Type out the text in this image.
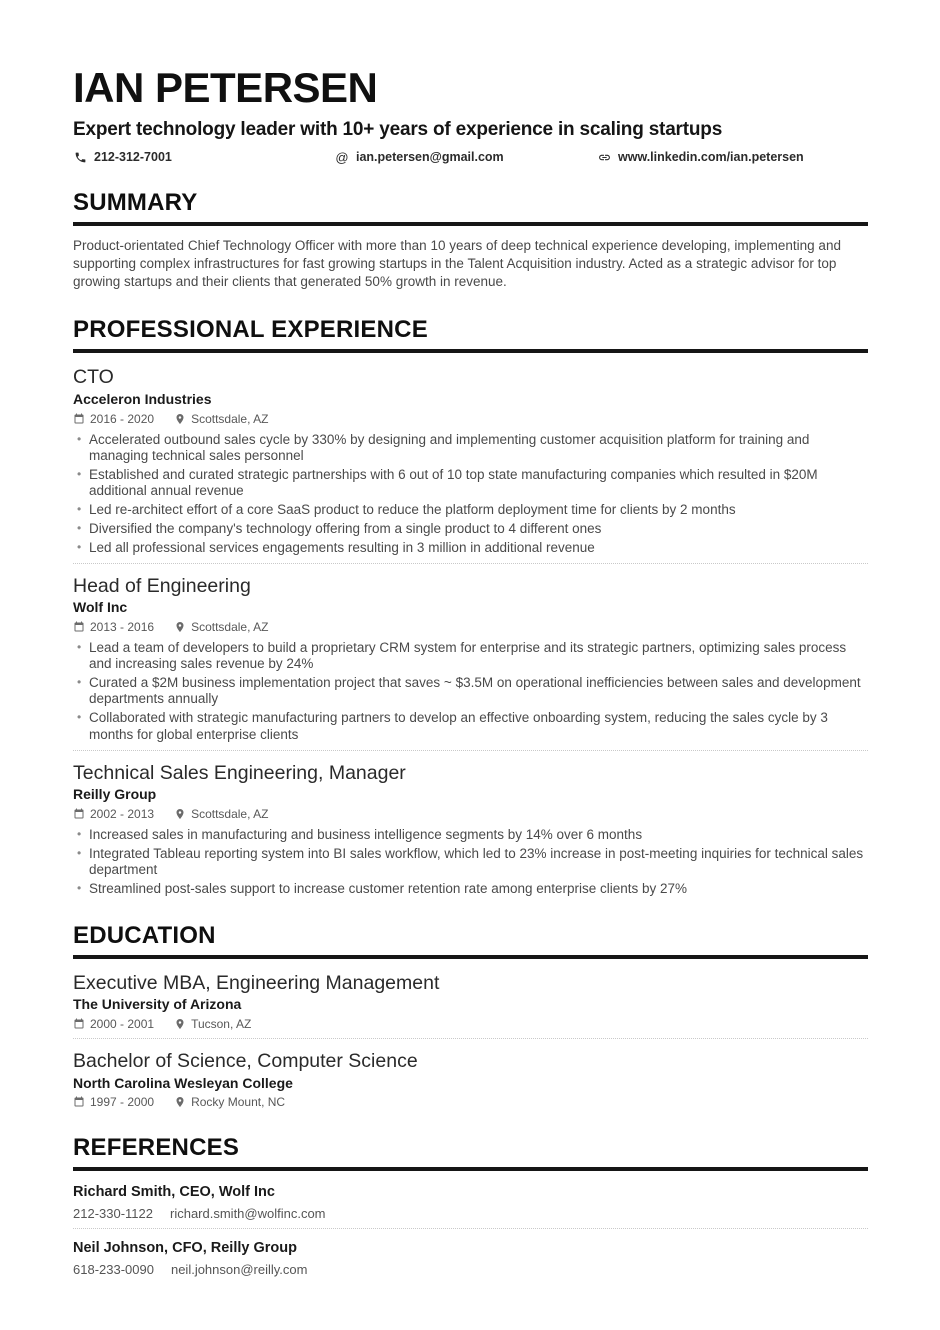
IAN PETERSEN
Expert technology leader with 10+ years of experience in scaling startups
212-312-7001	@ ian.petersen@gmail.com	www.linkedin.com/ian.petersen
SUMMARY

Product-orientated Chief Technology Officer with more than 10 years of deep technical experience developing, implementing and supporting complex infrastructures for fast growing startups in the Talent Acquisition industry. Acted as a strategic advisor for top growing startups and their clients that generated 50% growth in revenue.

PROFESSIONAL EXPERIENCE
CTO
Acceleron Industries
2016 - 2020	Scottsdale, AZ
• Accelerated outbound sales cycle by 330% by designing and implementing customer acquisition platform for training and managing technical sales personnel
• Established and curated strategic partnerships with 6 out of 10 top state manufacturing companies which resulted in $20M additional annual revenue
• Led re-architect effort of a core SaaS product to reduce the platform deployment time for clients by 2 months
• Diversified the company's technology offering from a single product to 4 different ones
• Led all professional services engagements resulting in 3 million in additional revenue
Head of Engineering
Wolf Inc
2013 - 2016	Scottsdale, AZ
• Lead a team of developers to build a proprietary CRM system for enterprise and its strategic partners, optimizing sales process and increasing sales revenue by 24%
• Curated a $2M business implementation project that saves ~ $3.5M on operational inefficiencies between sales and development departments annually
• Collaborated with strategic manufacturing partners to develop an effective onboarding system, reducing the sales cycle by 3 months for global enterprise clients
Technical Sales Engineering, Manager
Reilly Group
2002 - 2013	Scottsdale, AZ
• Increased sales in manufacturing and business intelligence segments by 14% over 6 months
• Integrated Tableau reporting system into BI sales workflow, which led to 23% increase in post-meeting inquiries for technical sales department
• Streamlined post-sales support to increase customer retention rate among enterprise clients by 27%
EDUCATION
Executive MBA, Engineering Management
The University of Arizona
2000 - 2001	Tucson, AZ
Bachelor of Science, Computer Science
North Carolina Wesleyan College
1997 - 2000	Rocky Mount, NC
REFERENCES
Richard Smith, CEO, Wolf Inc
212-330-1122 richard.smith@wolfinc.com
Neil Johnson, CFO, Reilly Group
618-233-0090 neil.johnson@reilly.com
